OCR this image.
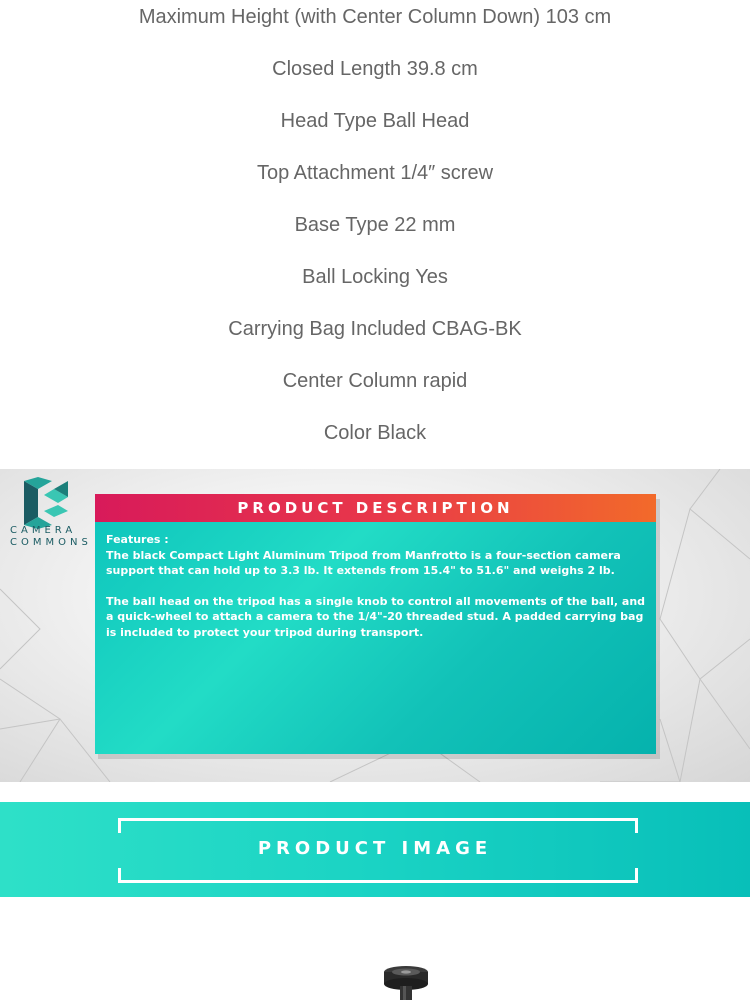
Maximum Height (with Center Column Down) 103 cm
Closed Length 39.8 cm
Head Type Ball Head
Top Attachment 1/4″ screw
Base Type 22 mm
Ball Locking Yes
Carrying Bag Included CBAG-BK
Center Column rapid
Color Black
CAMERA
COMMONS
PRODUCT DESCRIPTION

Features :

The black Compact Light Aluminum Tripod from Manfrotto is a four-section camera support that can hold up to 3.3 lb. It extends from 15.4" to 51.6" and weighs 2 lb.

The ball head on the tripod has a single knob to control all movements of the ball, and a quick-wheel to attach a camera to the 1/4"-20 threaded stud. A padded carrying bag is included to protect your tripod during transport.

PRODUCT IMAGE
